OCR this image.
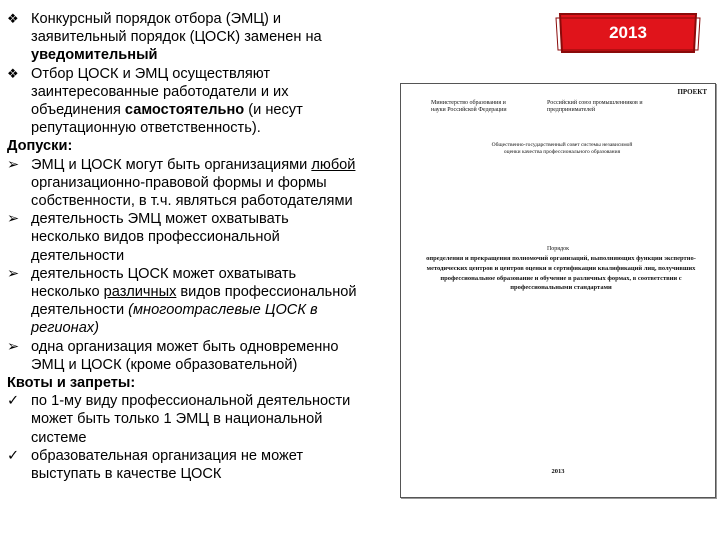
❖ Конкурсный порядок отбора (ЭМЦ) и
заявительный порядок (ЦОСК) заменен на
уведомительный
❖ Отбор ЦОСК и ЭМЦ осуществляют
заинтересованные работодатели и их
объединения самостоятельно (и несут
репутационную ответственность).
Допуски:
➢ ЭМЦ и ЦОСК могут быть организациями любой
организационно-правовой формы и формы
собственности, в т.ч. являться работодателями
➢ деятельность ЭМЦ может охватывать
несколько видов профессиональной
деятельности
➢ деятельность ЦОСК может охватывать
несколько различных видов профессиональной
деятельности (многоотраслевые ЦОСК в
регионах)
➢ одна организация может быть одновременно
ЭМЦ и ЦОСК (кроме образовательной)
Квоты и запреты:
✓ по 1-му виду профессиональной деятельности
может быть только 1 ЭМЦ в национальной
системе
✓ образовательная организация не может
выступать в качестве ЦОСК
2013
ПРОЕКТ
Министерство образования и науки Российской Федерации
Российский союз промышленников и предпринимателей
Общественно-государственный совет системы независимой оценки качества профессионального образования
Порядок
определения и прекращения полномочий организаций, выполняющих функции экспертно-методических центров и центров оценки и сертификации квалификаций лиц, получивших профессиональное образование и обучение в различных формах, в соответствии с профессиональными стандартами
2013
